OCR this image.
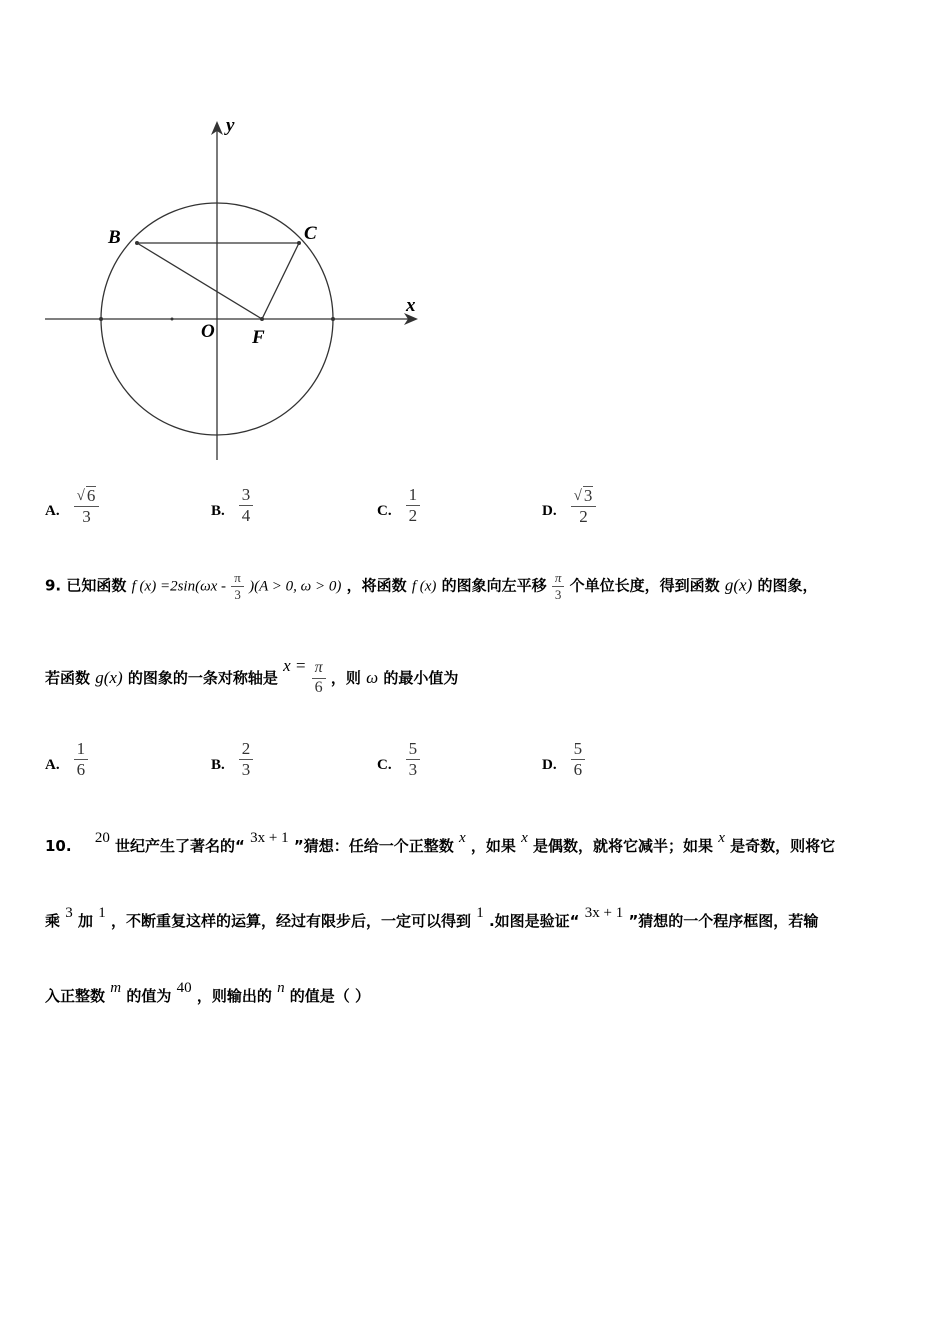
y
x
B	C
O F
A. $\frac{√ 6}{3}$	B. $\frac{3}{4}$	C. $\frac{1}{2}$	D. $\frac{√ 3}{2}$
9. 已知函数 f $(x) =2\sin(\omega x - \frac{\pi}{3} )(A > 0$, ω > 0) ，将函数 f (x) 的图象向左平移 $\frac{\pi}{3}$ 个单位长度，得到函数 g(x) 的图象，
若函数 g(x) 的图象的一条对称轴是 $x = \frac{\pi}{6}$ ，则 ω 的最小值为
A. $\frac{1}{6}$	B. $\frac{2}{3}$	C. $\frac{5}{3}$	D. $\frac{5}{6}$
10. 20 世纪产生了著名的“ 3x + 1 ”猜想：任给一个正整数 x ，如果 x 是偶数，就将它减半；如果 x 是奇数，则将它
乘 3 加 1 ，不断重复这样的运算，经过有限步后，一定可以得到 1 .如图是验证“ 3x + 1 ”猜想的一个程序框图，若输
入正整数 m 的值为 40 ，则输出的 n 的值是（ ）
